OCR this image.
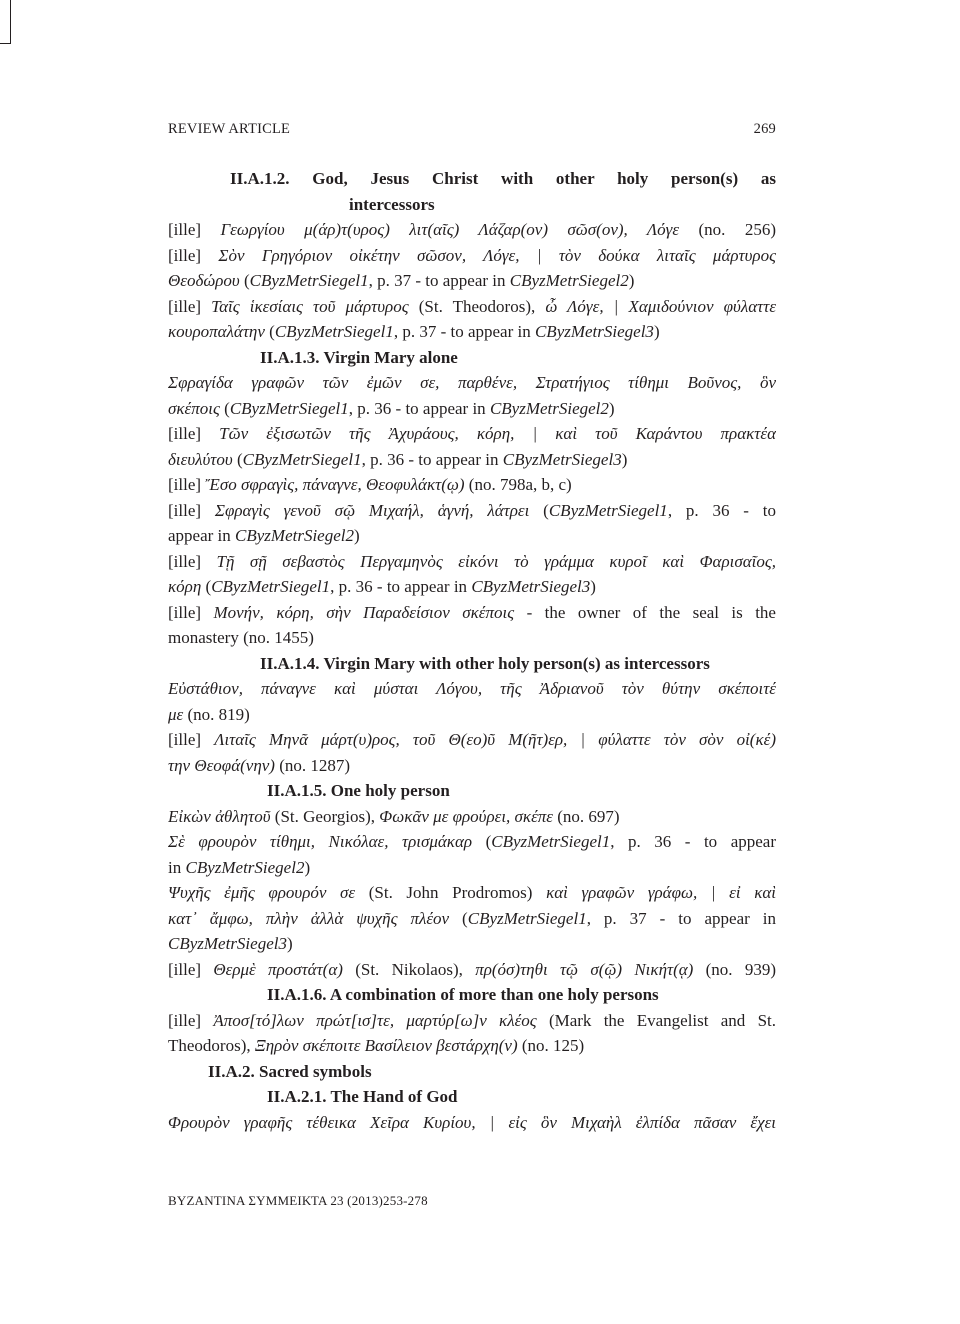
REVIEW ARTICLE	269
II.A.1.2. God, Jesus Christ with other holy person(s) as
intercessors
[ille] Γεωργίου μ(άρ)τ(υρος) λιτ(αῖς) Λάζαρ(ον) σῶσ(ον), Λόγε (no. 256)
[ille] Σὸν Γρηγόριον οἰκέτην σῶσον, Λόγε, | τὸν δούκα λιταῖς μάρτυρος
Θεοδώρου (CByzMetrSiegel1, p. 37 - to appear in CByzMetrSiegel2)
[ille] Ταῖς ἱκεσίαις τοῦ μάρτυρος (St. Theodoros), ὦ Λόγε, | Χαμιδούνιον φύλαττε
κουροπαλάτην (CByzMetrSiegel1, p. 37 - to appear in CByzMetrSiegel3)
II.A.1.3. Virgin Mary alone
Σφραγίδα γραφῶν τῶν ἐμῶν σε, παρθένε, Στρατήγιος τίθημι Βοῦνος, ὃν
σκέποις (CByzMetrSiegel1, p. 36 - to appear in CByzMetrSiegel2)
[ille] Τῶν ἐξισωτῶν τῆς Ἀχυράους, κόρη, | καὶ τοῦ Καράντου πρακτέα
διευλύτου (CByzMetrSiegel1, p. 36 - to appear in CByzMetrSiegel3)
[ille] Ἔσο σφραγὶς, πάναγνε, Θεοφυλάκτ(ῳ) (no. 798a, b, c)
[ille] Σφραγὶς γενοῦ σῷ Μιχαήλ, ἁγνή, λάτρει (CByzMetrSiegel1, p. 36 - to
appear in CByzMetrSiegel2)
[ille] Τῇ σῇ σεβαστὸς Περγαμηνὸς εἰκόνι τὸ γράμμα κυροῖ καὶ Φαρισαῖος,
κόρη (CByzMetrSiegel1, p. 36 - to appear in CByzMetrSiegel3)
[ille] Μονήν, κόρη, σὴν Παραδείσιον σκέποις - the owner of the seal is the
monastery (no. 1455)
II.A.1.4. Virgin Mary with other holy person(s) as intercessors
Εὐστάθιον, πάναγνε καὶ μύσται Λόγου, τῆς Ἀδριανοῦ τὸν θύτην σκέποιτέ
με (no. 819)
[ille] Λιταῖς Μηνᾶ μάρτ(υ)ρος, τοῦ Θ(εο)ῦ Μ(ῆτ)ερ, | φύλαττε τὸν σὸν οἰ(κέ)
την Θεοφά(νην) (no. 1287)
II.A.1.5. One holy person
Εἰκὼν ἀθλητοῦ (St. Georgios), Φωκᾶν με φρούρει, σκέπε (no. 697)
Σὲ φρουρὸν τίθημι, Νικόλαε, τρισμάκαρ (CByzMetrSiegel1, p. 36 - to appear
in CByzMetrSiegel2)
Ψυχῆς ἐμῆς φρουρόν σε (St. John Prodromos) καὶ γραφῶν γράφω, | εἰ καὶ
κατ᾽ ἄμφω, πλὴν ἀλλὰ ψυχῆς πλέον (CByzMetrSiegel1, p. 37 - to appear in
CByzMetrSiegel3)
[ille] Θερμὲ προστάτ(α) (St. Nikolaos), πρ(όσ)τηθι τῷ σ(ῷ) Νικήτ(ᾳ) (no. 939)
II.A.1.6. A combination of more than one holy persons
[ille] Ἀποσ[τό]λων πρώτ[ισ]τε, μαρτύρ[ω]ν κλέος (Mark the Evangelist and St.
Theodoros), Ξηρὸν σκέποιτε Βασίλειον βεστάρχη(ν) (no. 125)
II.A.2. Sacred symbols
II.A.2.1. The Hand of God
Φρουρὸν γραφῆς τέθεικα Χεῖρα Κυρίου, | εἰς ὃν Μιχαὴλ ἐλπίδα πᾶσαν ἔχει
BYZANTINA ΣΥΜΜΕΙΚΤΑ 23 (2013)253-278
